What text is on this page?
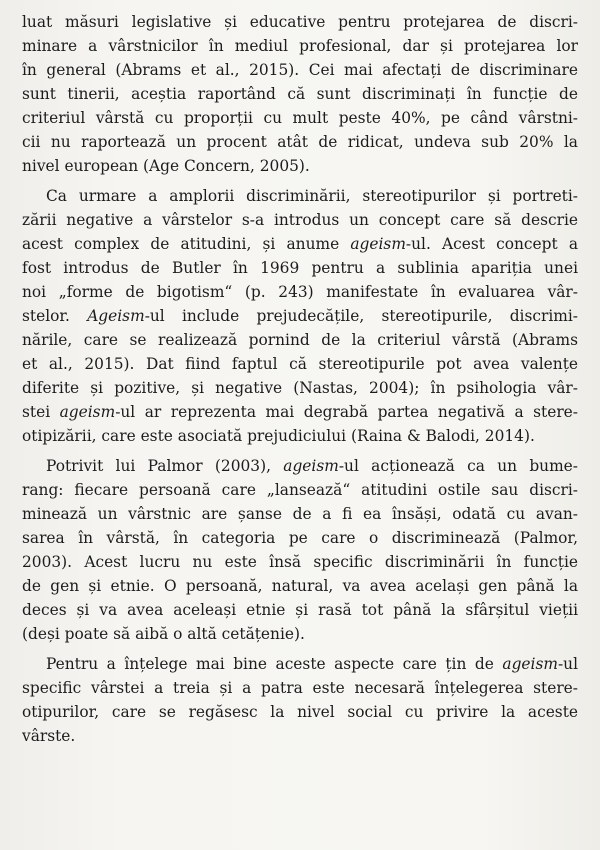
luat măsuri legislative și educative pentru protejarea de discri-
minare a vârstnicilor în mediul profesional, dar și protejarea lor
în general (Abrams et al., 2015). Cei mai afectați de discriminare
sunt tinerii, aceștia raportând că sunt discriminați în funcție de
criteriul vârstă cu proporții cu mult peste 40%, pe când vârstni-
cii nu raportează un procent atât de ridicat, undeva sub 20% la
nivel european (Age Concern, 2005).

Ca urmare a amplorii discriminării, stereotipurilor și portreti-
zării negative a vârstelor s-a introdus un concept care să descrie
acest complex de atitudini, și anume ageism-ul. Acest concept a
fost introdus de Butler în 1969 pentru a sublinia apariția unei
noi „forme de bigotism“ (p. 243) manifestate în evaluarea vâr-
stelor. Ageism-ul include prejudecățile, stereotipurile, discrimi-
nările, care se realizează pornind de la criteriul vârstă (Abrams
et al., 2015). Dat fiind faptul că stereotipurile pot avea valențe
diferite și pozitive, și negative (Nastas, 2004); în psihologia vâr-
stei ageism-ul ar reprezenta mai degrabă partea negativă a stere-
otipizării, care este asociată prejudiciului (Raina & Balodi, 2014).

Potrivit lui Palmor (2003), ageism-ul acționează ca un bume-
rang: fiecare persoană care „lansează“ atitudini ostile sau discri-
minează un vârstnic are șanse de a fi ea însăși, odată cu avan-
sarea în vârstă, în categoria pe care o discriminează (Palmor,
2003). Acest lucru nu este însă specific discriminării în funcție
de gen și etnie. O persoană, natural, va avea același gen până la
deces și va avea aceleași etnie și rasă tot până la sfârșitul vieții
(deși poate să aibă o altă cetățenie).

Pentru a înțelege mai bine aceste aspecte care țin de ageism-ul
specific vârstei a treia și a patra este necesară înțelegerea stere-
otipurilor, care se regăsesc la nivel social cu privire la aceste
vârste.
